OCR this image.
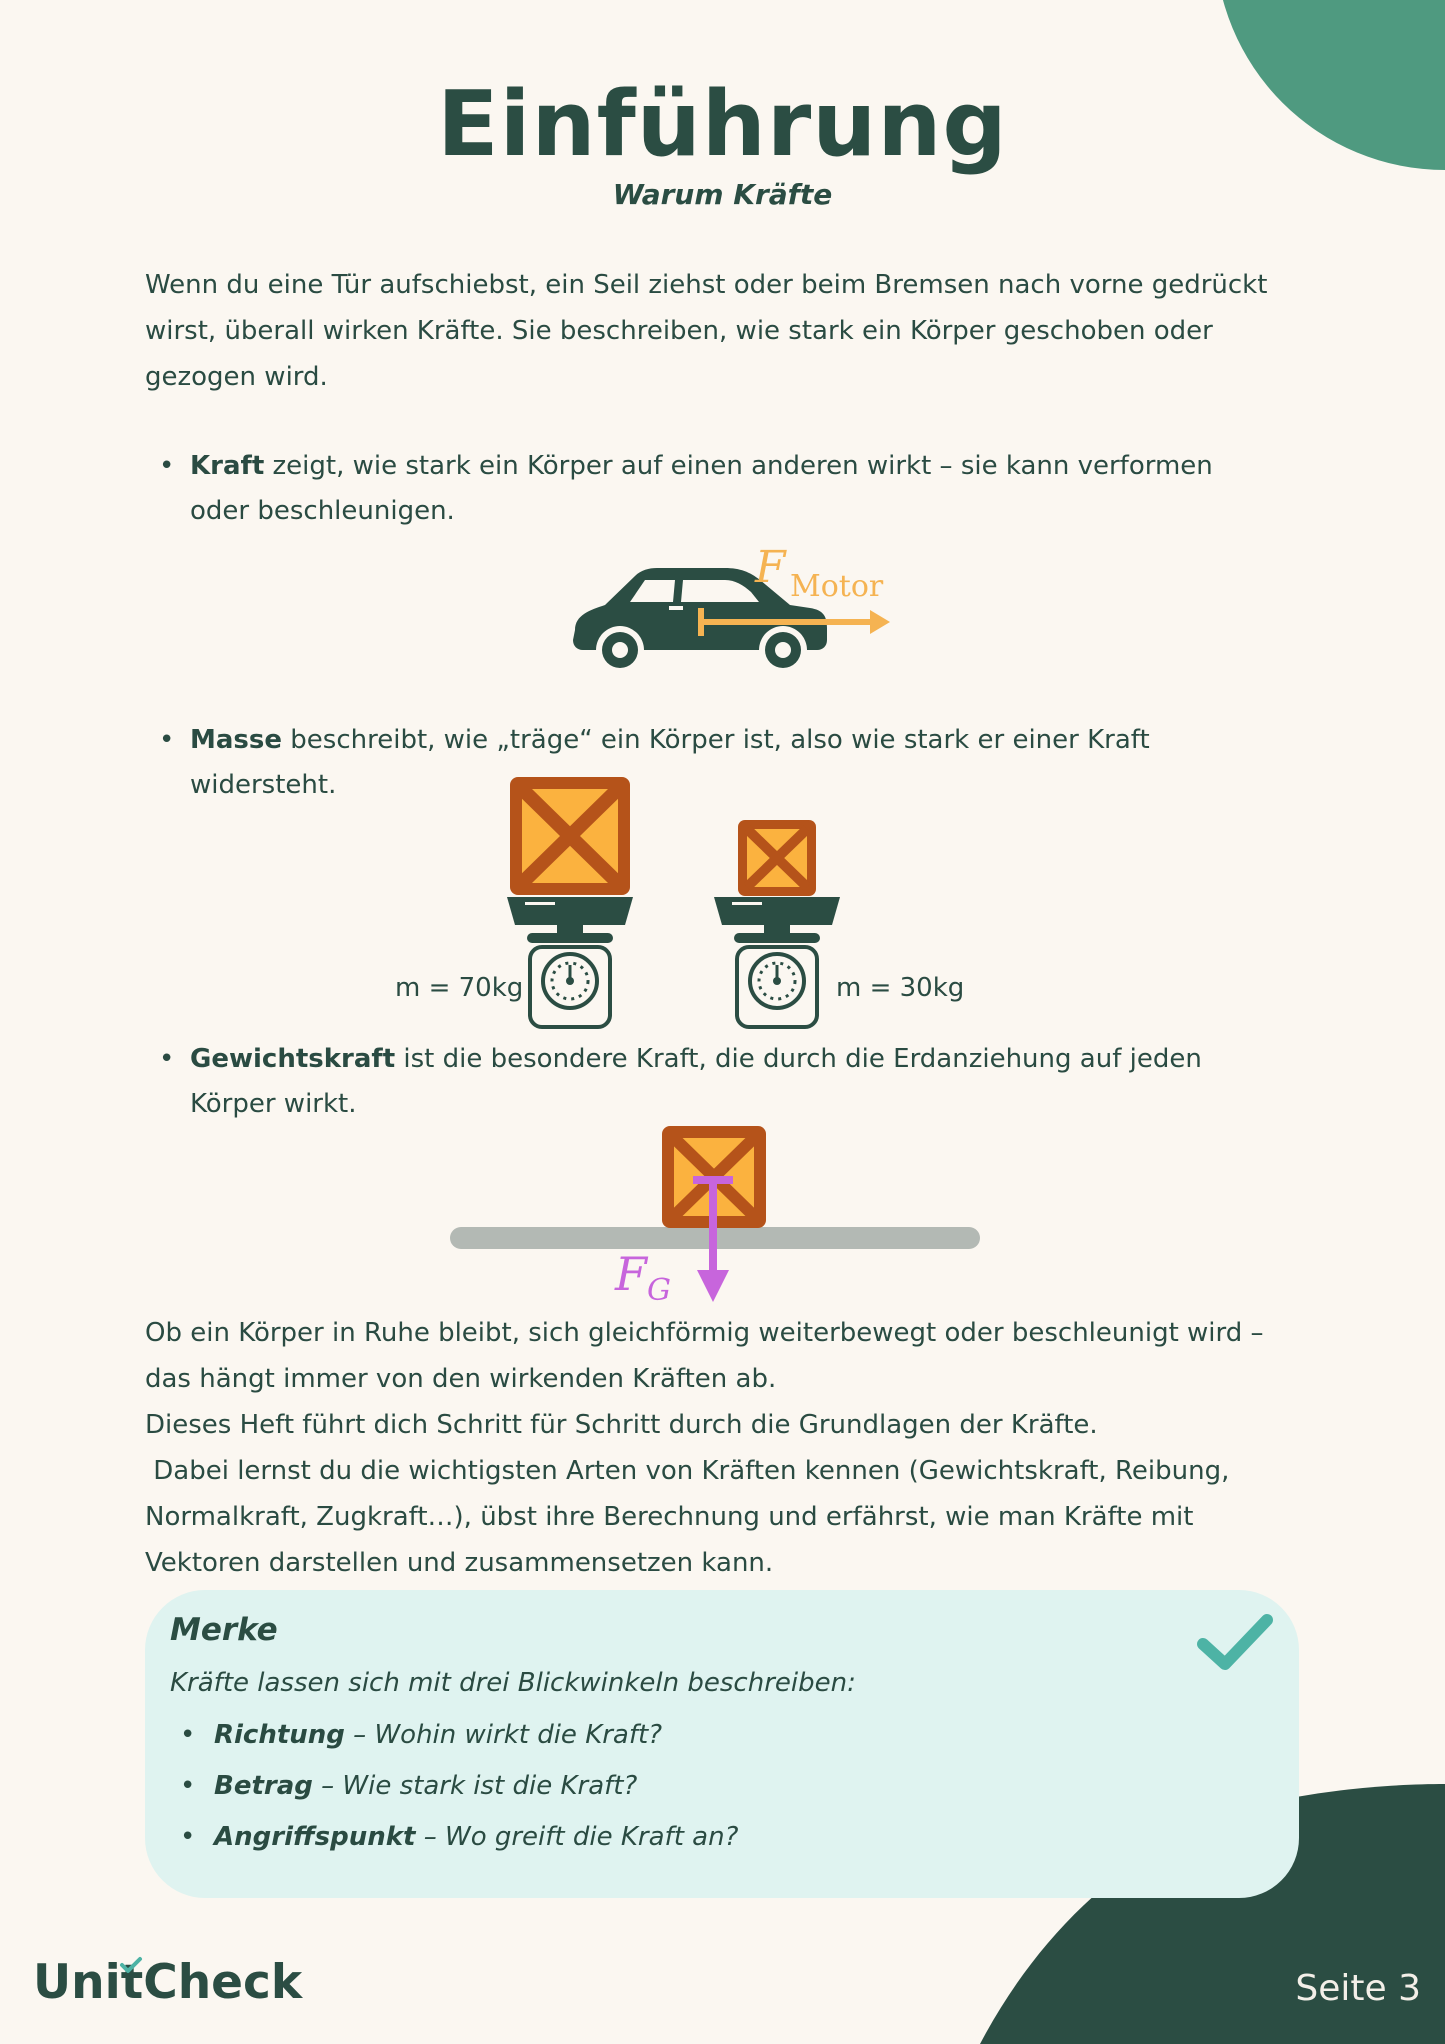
Einführung
Warum Kräfte
Wenn du eine Tür aufschiebst, ein Seil ziehst oder beim Bremsen nach vorne gedrückt wirst, überall wirken Kräfte. Sie beschreiben, wie stark ein Körper geschoben oder gezogen wird.
• Kraft zeigt, wie stark ein Körper auf einen anderen wirkt – sie kann verformen oder beschleunigen.
F Motor
• Masse beschreibt, wie „träge“ ein Körper ist, also wie stark er einer Kraft widersteht.
m = 70kg	m = 30kg
• Gewichtskraft ist die besondere Kraft, die durch die Erdanziehung auf jeden Körper wirkt.
F G
Ob ein Körper in Ruhe bleibt, sich gleichförmig weiterbewegt oder beschleunigt wird – das hängt immer von den wirkenden Kräften ab.
Dieses Heft führt dich Schritt für Schritt durch die Grundlagen der Kräfte.
Dabei lernst du die wichtigsten Arten von Kräften kennen (Gewichtskraft, Reibung, Normalkraft, Zugkraft…), übst ihre Berechnung und erfährst, wie man Kräfte mit Vektoren darstellen und zusammensetzen kann.
Merke
Kräfte lassen sich mit drei Blickwinkeln beschreiben:
• Richtung – Wohin wirkt die Kraft?
• Betrag – Wie stark ist die Kraft?
• Angriffspunkt – Wo greift die Kraft an?
UnitCheck	Seite 3
